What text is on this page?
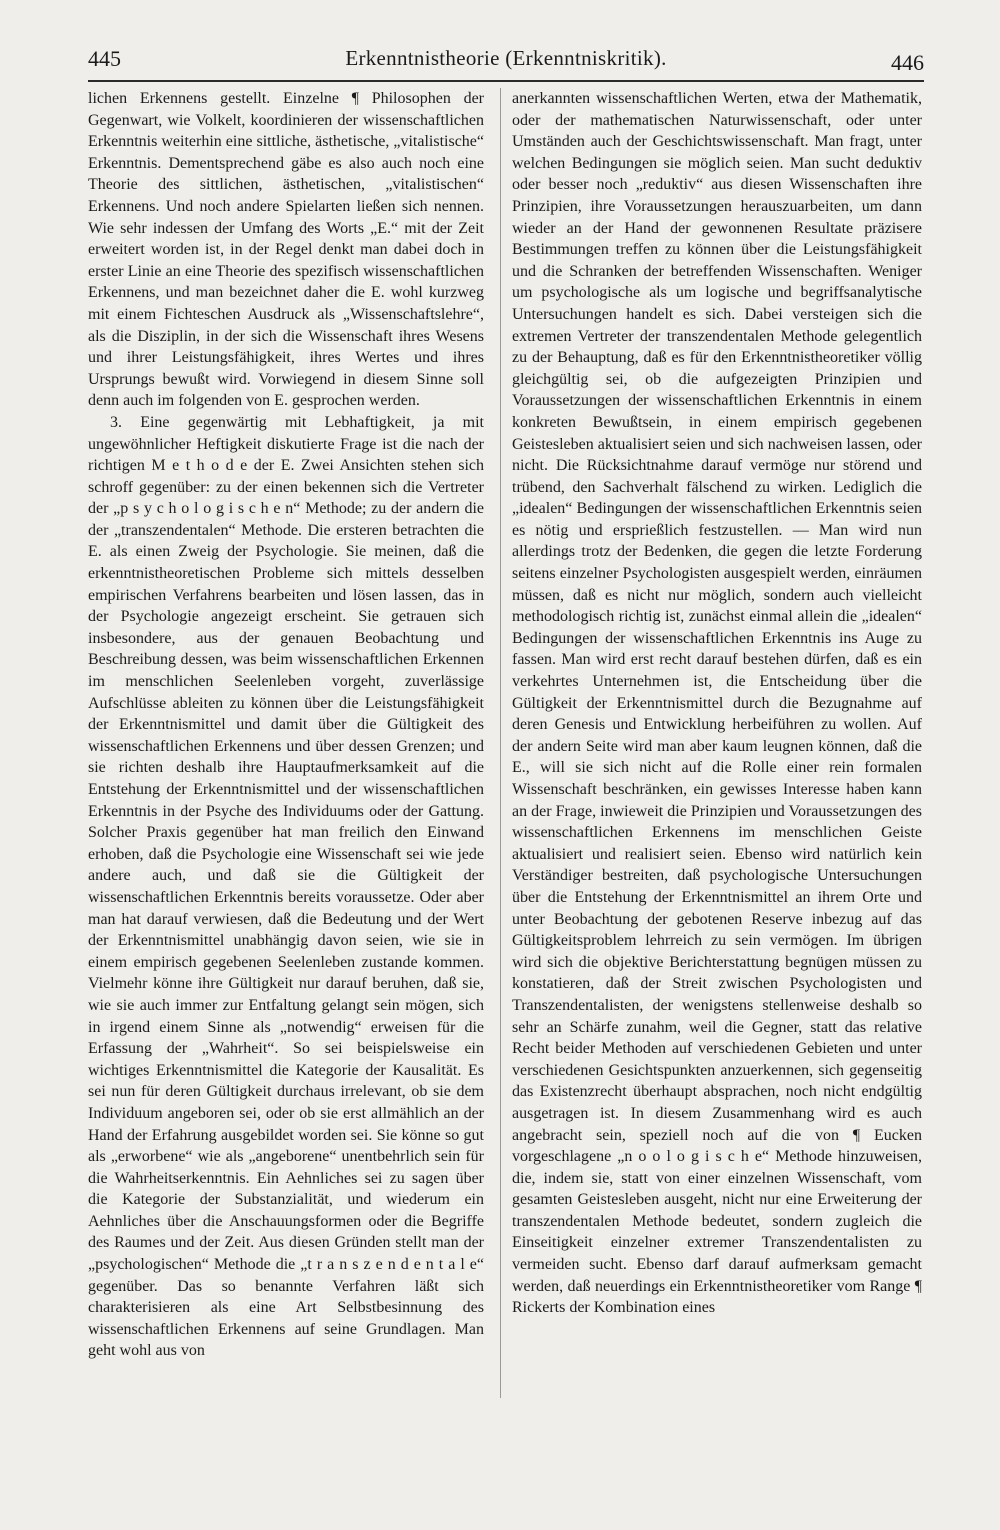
445	Erkenntnistheorie (Erkenntniskritik).	446

lichen Erkennens gestellt. Einzelne ¶ Philosophen der Gegenwart, wie Volkelt, koordinieren der wissenschaftlichen Erkenntnis weiterhin eine sittliche, ästhetische, „vitalistische“ Erkenntnis. Dementsprechend gäbe es also auch noch eine Theorie des sittlichen, ästhetischen, „vitalistischen“ Erkennens. Und noch andere Spielarten ließen sich nennen. Wie sehr indessen der Umfang des Worts „E.“ mit der Zeit erweitert worden ist, in der Regel denkt man dabei doch in erster Linie an eine Theorie des spezifisch wissenschaftlichen Erkennens, und man bezeichnet daher die E. wohl kurzweg mit einem Fichteschen Ausdruck als „Wissenschaftslehre“, als die Disziplin, in der sich die Wissenschaft ihres Wesens und ihrer Leistungsfähigkeit, ihres Wertes und ihres Ursprungs bewußt wird. Vorwiegend in diesem Sinne soll denn auch im folgenden von E. gesprochen werden.

3. Eine gegenwärtig mit Lebhaftigkeit, ja mit ungewöhnlicher Heftigkeit diskutierte Frage ist die nach der richtigen M e t h o d e der E. Zwei Ansichten stehen sich schroff gegenüber: zu der einen bekennen sich die Vertreter der „p s y c h o l o g i s c h e n“ Methode; zu der andern die der „transzendentalen“ Methode. Die ersteren betrachten die E. als einen Zweig der Psychologie. Sie meinen, daß die erkenntnistheoretischen Probleme sich mittels desselben empirischen Verfahrens bearbeiten und lösen lassen, das in der Psychologie angezeigt erscheint. Sie getrauen sich insbesondere, aus der genauen Beobachtung und Beschreibung dessen, was beim wissenschaftlichen Erkennen im menschlichen Seelenleben vorgeht, zuverlässige Aufschlüsse ableiten zu können über die Leistungsfähigkeit der Erkenntnismittel und damit über die Gültigkeit des wissenschaftlichen Erkennens und über dessen Grenzen; und sie richten deshalb ihre Hauptaufmerksamkeit auf die Entstehung der Erkenntnismittel und der wissenschaftlichen Erkenntnis in der Psyche des Individuums oder der Gattung. Solcher Praxis gegenüber hat man freilich den Einwand erhoben, daß die Psychologie eine Wissenschaft sei wie jede andere auch, und daß sie die Gültigkeit der wissenschaftlichen Erkenntnis bereits voraussetze. Oder aber man hat darauf verwiesen, daß die Bedeutung und der Wert der Erkenntnismittel unabhängig davon seien, wie sie in einem empirisch gegebenen Seelenleben zustande kommen. Vielmehr könne ihre Gültigkeit nur darauf beruhen, daß sie, wie sie auch immer zur Entfaltung gelangt sein mögen, sich in irgend einem Sinne als „notwendig“ erweisen für die Erfassung der „Wahrheit“. So sei beispielsweise ein wichtiges Erkenntnismittel die Kategorie der Kausalität. Es sei nun für deren Gültigkeit durchaus irrelevant, ob sie dem Individuum angeboren sei, oder ob sie erst allmählich an der Hand der Erfahrung ausgebildet worden sei. Sie könne so gut als „erworbene“ wie als „angeborene“ unentbehrlich sein für die Wahrheitserkenntnis. Ein Aehnliches sei zu sagen über die Kategorie der Substanzialität, und wiederum ein Aehnliches über die Anschauungsformen oder die Begriffe des Raumes und der Zeit. Aus diesen Gründen stellt man der „psychologischen“ Methode die „t r a n s z e n d e n t a l e“ gegenüber. Das so benannte Verfahren läßt sich charakterisieren als eine Art Selbstbesinnung des wissenschaftlichen Erkennens auf seine Grundlagen. Man geht wohl aus von

anerkannten wissenschaftlichen Werten, etwa der Mathematik, oder der mathematischen Naturwissenschaft, oder unter Umständen auch der Geschichtswissenschaft. Man fragt, unter welchen Bedingungen sie möglich seien. Man sucht deduktiv oder besser noch „reduktiv“ aus diesen Wissenschaften ihre Prinzipien, ihre Voraussetzungen herauszuarbeiten, um dann wieder an der Hand der gewonnenen Resultate präzisere Bestimmungen treffen zu können über die Leistungsfähigkeit und die Schranken der betreffenden Wissenschaften. Weniger um psychologische als um logische und begriffsanalytische Untersuchungen handelt es sich. Dabei versteigen sich die extremen Vertreter der transzendentalen Methode gelegentlich zu der Behauptung, daß es für den Erkenntnistheoretiker völlig gleichgültig sei, ob die aufgezeigten Prinzipien und Voraussetzungen der wissenschaftlichen Erkenntnis in einem konkreten Bewußtsein, in einem empirisch gegebenen Geistesleben aktualisiert seien und sich nachweisen lassen, oder nicht. Die Rücksichtnahme darauf vermöge nur störend und trübend, den Sachverhalt fälschend zu wirken. Lediglich die „idealen“ Bedingungen der wissenschaftlichen Erkenntnis seien es nötig und ersprießlich festzustellen. — Man wird nun allerdings trotz der Bedenken, die gegen die letzte Forderung seitens einzelner Psychologisten ausgespielt werden, einräumen müssen, daß es nicht nur möglich, sondern auch vielleicht methodologisch richtig ist, zunächst einmal allein die „idealen“ Bedingungen der wissenschaftlichen Erkenntnis ins Auge zu fassen. Man wird erst recht darauf bestehen dürfen, daß es ein verkehrtes Unternehmen ist, die Entscheidung über die Gültigkeit der Erkenntnismittel durch die Bezugnahme auf deren Genesis und Entwicklung herbeiführen zu wollen. Auf der andern Seite wird man aber kaum leugnen können, daß die E., will sie sich nicht auf die Rolle einer rein formalen Wissenschaft beschränken, ein gewisses Interesse haben kann an der Frage, inwieweit die Prinzipien und Voraussetzungen des wissenschaftlichen Erkennens im menschlichen Geiste aktualisiert und realisiert seien. Ebenso wird natürlich kein Verständiger bestreiten, daß psychologische Untersuchungen über die Entstehung der Erkenntnismittel an ihrem Orte und unter Beobachtung der gebotenen Reserve inbezug auf das Gültigkeitsproblem lehrreich zu sein vermögen. Im übrigen wird sich die objektive Berichterstattung begnügen müssen zu konstatieren, daß der Streit zwischen Psychologisten und Transzendentalisten, der wenigstens stellenweise deshalb so sehr an Schärfe zunahm, weil die Gegner, statt das relative Recht beider Methoden auf verschiedenen Gebieten und unter verschiedenen Gesichtspunkten anzuerkennen, sich gegenseitig das Existenzrecht überhaupt absprachen, noch nicht endgültig ausgetragen ist. In diesem Zusammenhang wird es auch angebracht sein, speziell noch auf die von ¶ Eucken vorgeschlagene „n o o l o g i s c h e“ Methode hinzuweisen, die, indem sie, statt von einer einzelnen Wissenschaft, vom gesamten Geistesleben ausgeht, nicht nur eine Erweiterung der transzendentalen Methode bedeutet, sondern zugleich die Einseitigkeit einzelner extremer Transzendentalisten zu vermeiden sucht. Ebenso darf darauf aufmerksam gemacht werden, daß neuerdings ein Erkenntnistheoretiker vom Range ¶ Rickerts der Kombination eines
